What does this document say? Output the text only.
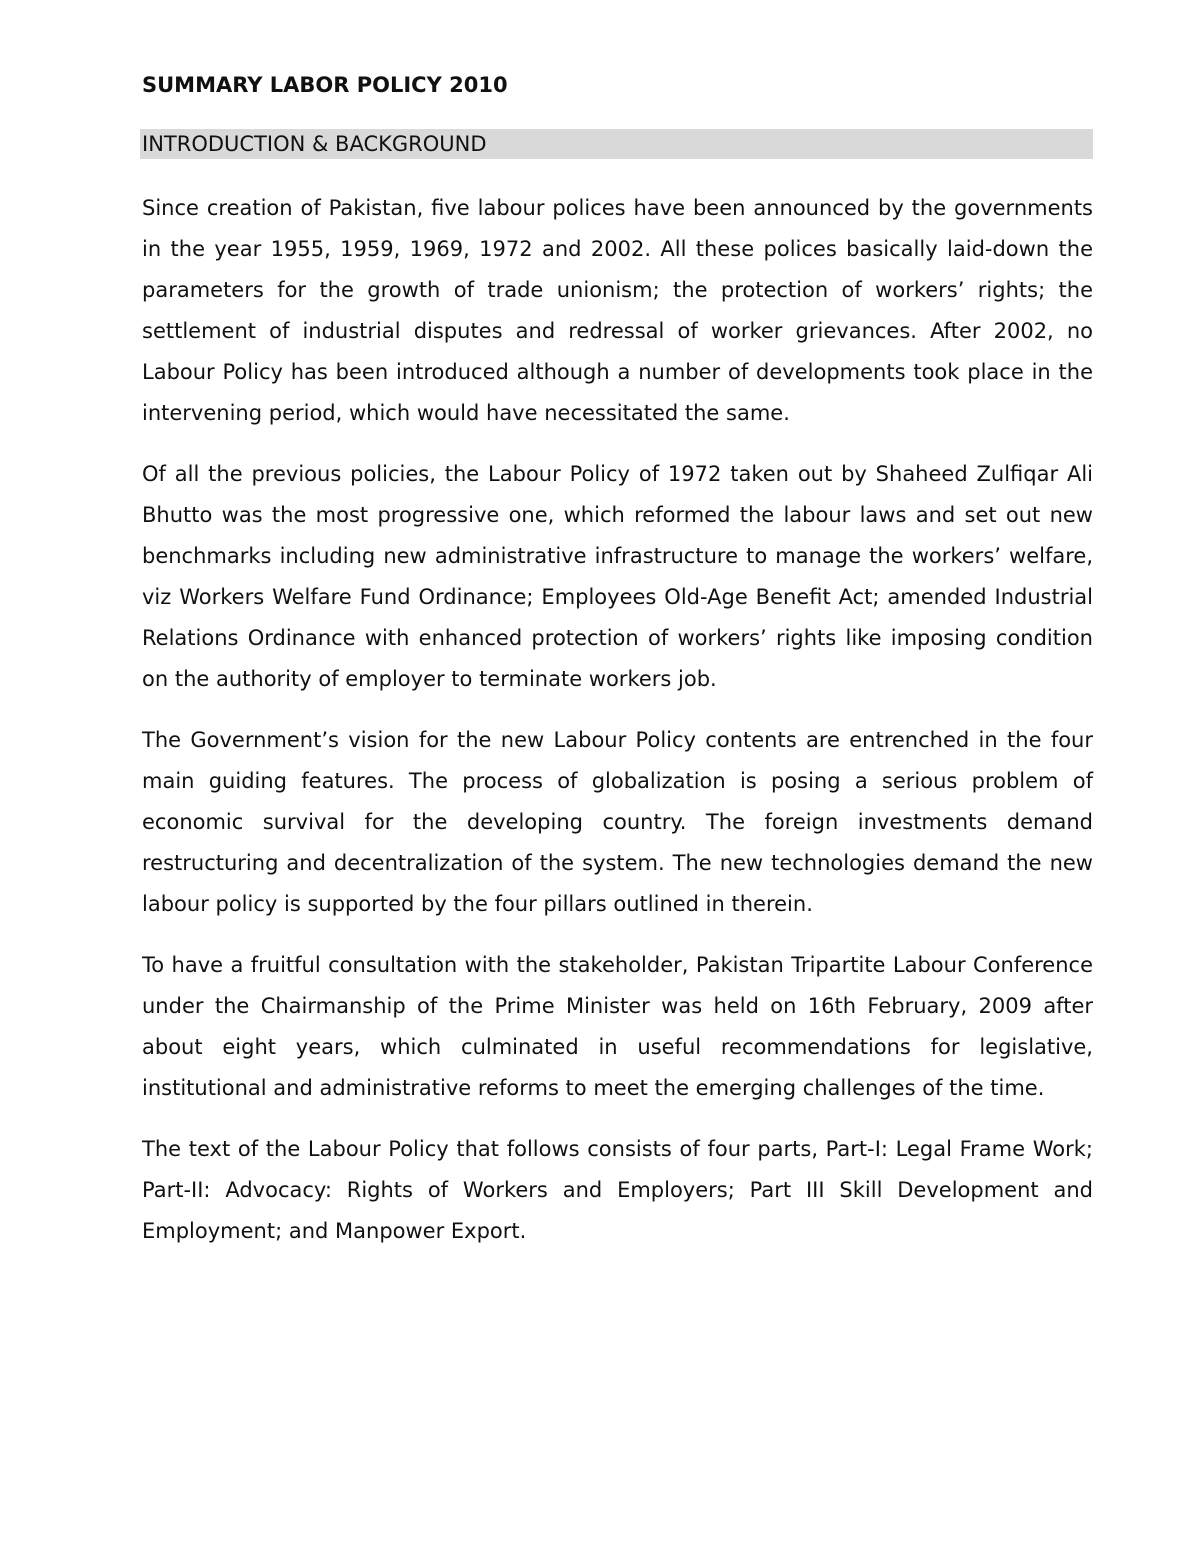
SUMMARY LABOR POLICY 2010
INTRODUCTION & BACKGROUND

Since creation of Pakistan, five labour polices have been announced by the governments in the year 1955, 1959, 1969, 1972 and 2002. All these polices basically laid-down the parameters for the growth of trade unionism; the protection of workers’ rights; the settlement of industrial disputes and redressal of worker grievances. After 2002, no Labour Policy has been introduced although a number of developments took place in the intervening period, which would have necessitated the same.

Of all the previous policies, the Labour Policy of 1972 taken out by Shaheed Zulfiqar Ali Bhutto was the most progressive one, which reformed the labour laws and set out new benchmarks including new administrative infrastructure to manage the workers’ welfare, viz Workers Welfare Fund Ordinance; Employees Old-Age Benefit Act; amended Industrial Relations Ordinance with enhanced protection of workers’ rights like imposing condition on the authority of employer to terminate workers job.

The Government’s vision for the new Labour Policy contents are entrenched in the four main guiding features. The process of globalization is posing a serious problem of economic survival for the developing country. The foreign investments demand restructuring and decentralization of the system. The new technologies demand the new labour policy is supported by the four pillars outlined in therein.

To have a fruitful consultation with the stakeholder, Pakistan Tripartite Labour Conference under the Chairmanship of the Prime Minister was held on 16th February, 2009 after about eight years, which culminated in useful recommendations for legislative, institutional and administrative reforms to meet the emerging challenges of the time.

The text of the Labour Policy that follows consists of four parts, Part-I: Legal Frame Work; Part-II: Advocacy: Rights of Workers and Employers; Part III Skill Development and Employment; and Manpower Export.
